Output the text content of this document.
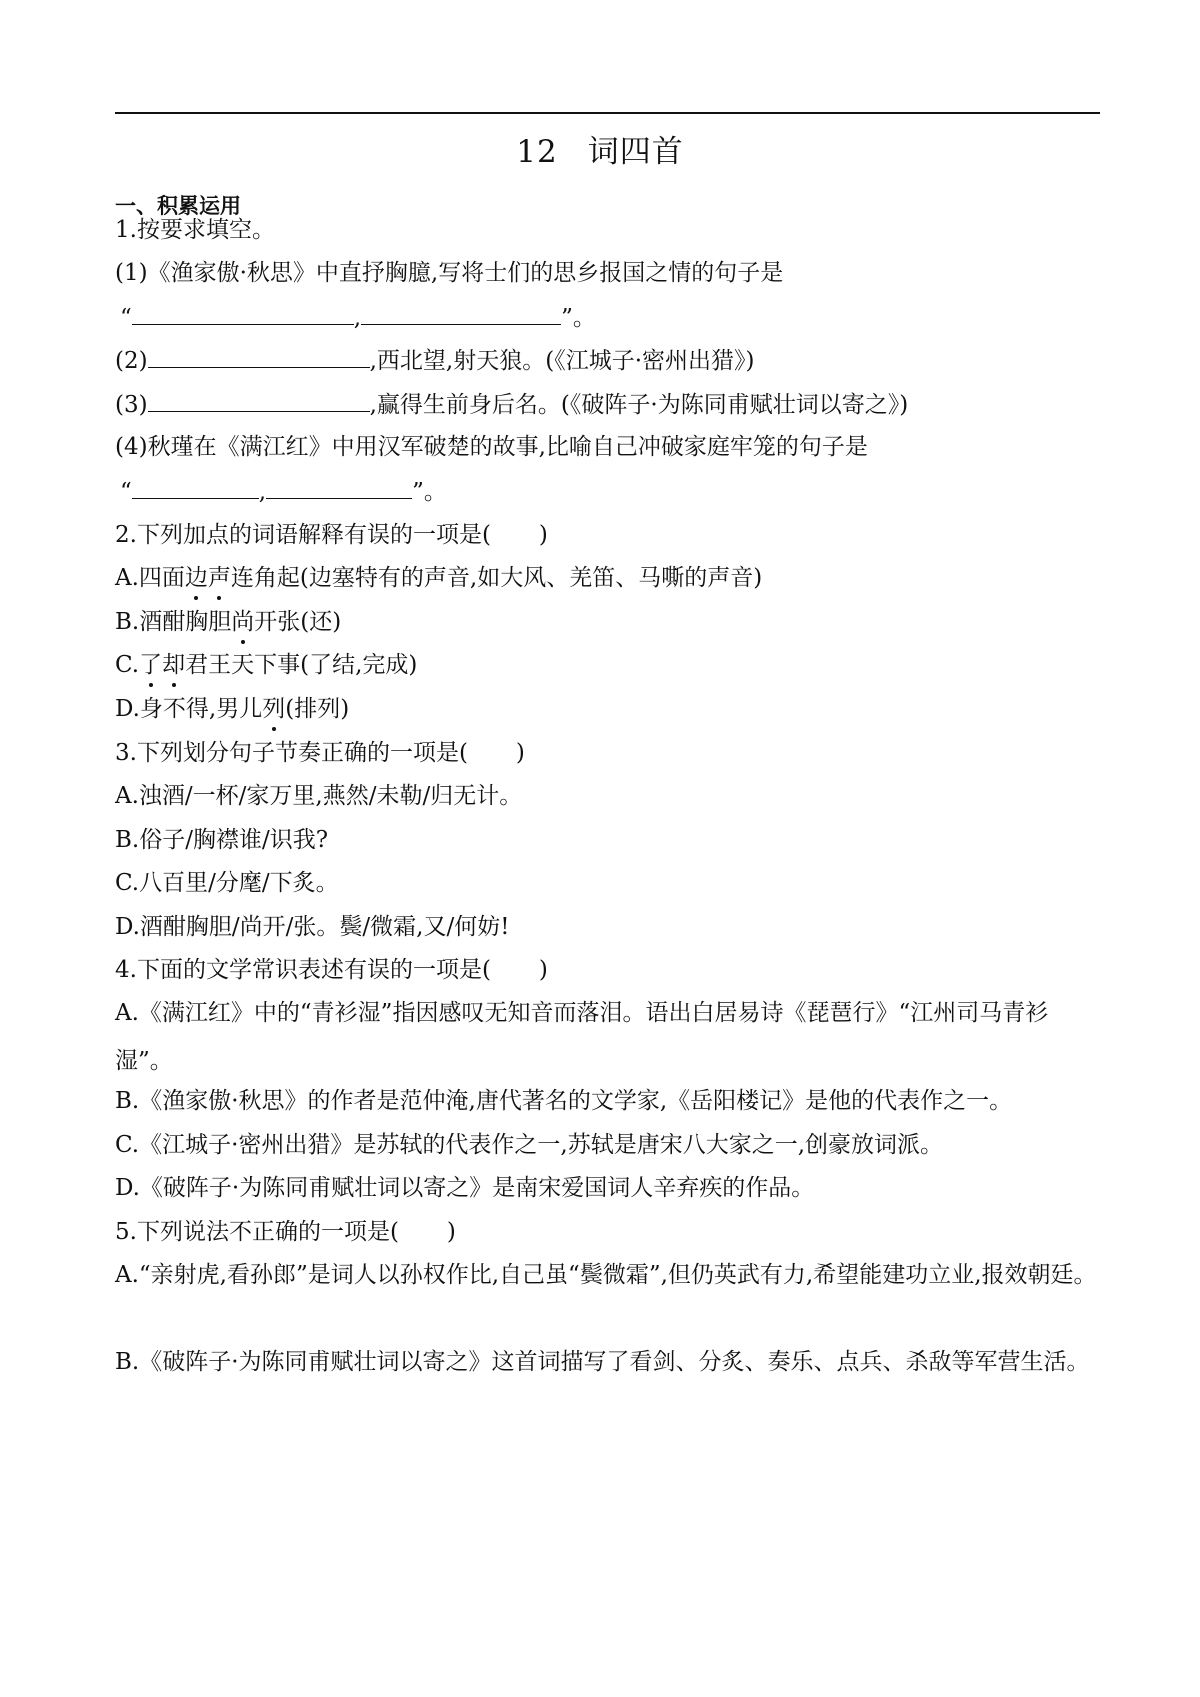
12 词四首
一、积累运用
1.按要求填空。
(1)《渔家傲·秋思》中直抒胸臆,写将士们的思乡报国之情的句子是
“	,	”。
(2)	,西北望,射天狼。(《江城子·密州出猎》)
(3)	,赢得生前身后名。(《破阵子·为陈同甫赋壮词以寄之》)
(4)秋瑾在《满江红》中用汉军破楚的故事,比喻自己冲破家庭牢笼的句子是
“	,	”。
2.下列加点的词语解释有误的一项是( )
A.四面边声连角起(边塞特有的声音,如大风、羌笛、马嘶的声音)
B.酒酣胸胆尚开张(还)
C.了却君王天下事(了结,完成)
D.身不得,男儿列(排列)
3.下列划分句子节奏正确的一项是( )
A.浊酒/一杯/家万里,燕然/未勒/归无计。
B.俗子/胸襟谁/识我?
C.八百里/分麾/下炙。
D.酒酣胸胆/尚开/张。鬓/微霜,又/何妨!
4.下面的文学常识表述有误的一项是( )
A.《满江红》中的“青衫湿”指因感叹无知音而落泪。语出白居易诗《琵琶行》“江州司马青衫湿”。
B.《渔家傲·秋思》的作者是范仲淹,唐代著名的文学家,《岳阳楼记》是他的代表作之一。
C.《江城子·密州出猎》是苏轼的代表作之一,苏轼是唐宋八大家之一,创豪放词派。
D.《破阵子·为陈同甫赋壮词以寄之》是南宋爱国词人辛弃疾的作品。
5.下列说法不正确的一项是( )
A.“亲射虎,看孙郎”是词人以孙权作比,自己虽“鬓微霜”,但仍英武有力,希望能建功立业,报效朝廷。
B.《破阵子·为陈同甫赋壮词以寄之》这首词描写了看剑、分炙、奏乐、点兵、杀敌等军营生活。
